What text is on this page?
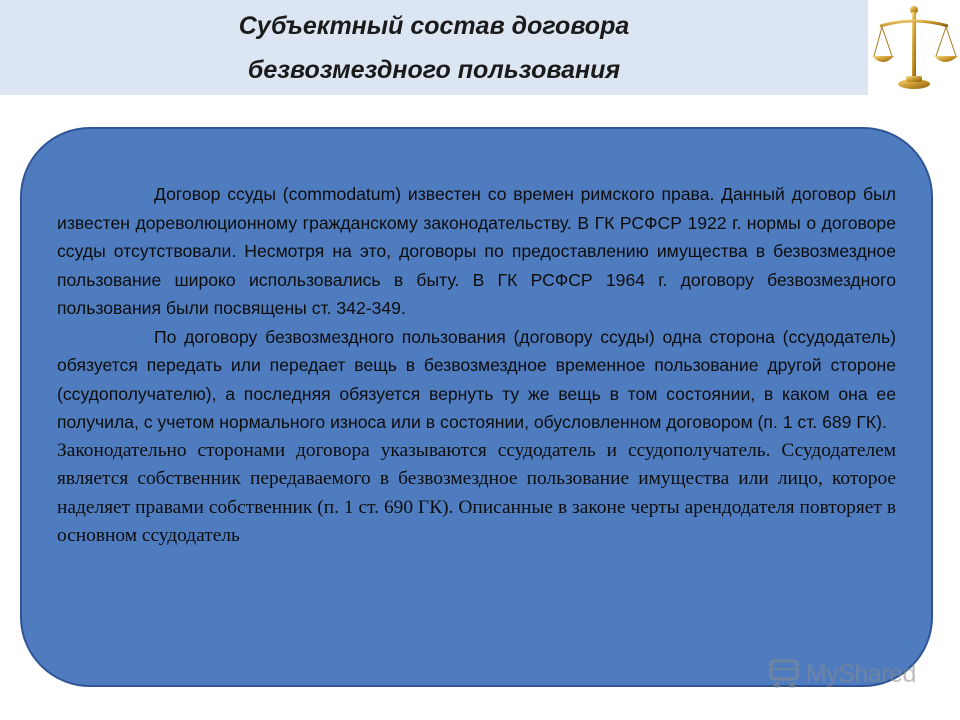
Субъектный состав договора
безвозмездного пользования

Договор ссуды (commodatum) известен со времен римского права. Данный договор был известен дореволюционному гражданскому законодательству. В ГК РСФСР 1922 г. нормы о договоре ссуды отсутствовали. Несмотря на это, договоры по предоставлению имущества в безвозмездное пользование широко использовались в быту. В ГК РСФСР 1964 г. договору безвозмездного пользования были посвящены ст. 342-349.

По договору безвозмездного пользования (договору ссуды) одна сторона (ссудодатель) обязуется передать или передает вещь в безвозмездное временное пользование другой стороне (ссудополучателю), а последняя обязуется вернуть ту же вещь в том состоянии, в каком она ее получила, с учетом нормального износа или в состоянии, обусловленном договором (п. 1 ст. 689 ГК).

Законодательно сторонами договора указываются ссудодатель и ссудополучатель. Ссудодателем является собственник передаваемого в безвозмездное пользование имущества или лицо, которое наделяет правами собственник (п. 1 ст. 690 ГК). Описанные в законе черты арендодателя повторяет в основном ссудодатель

MyShared
